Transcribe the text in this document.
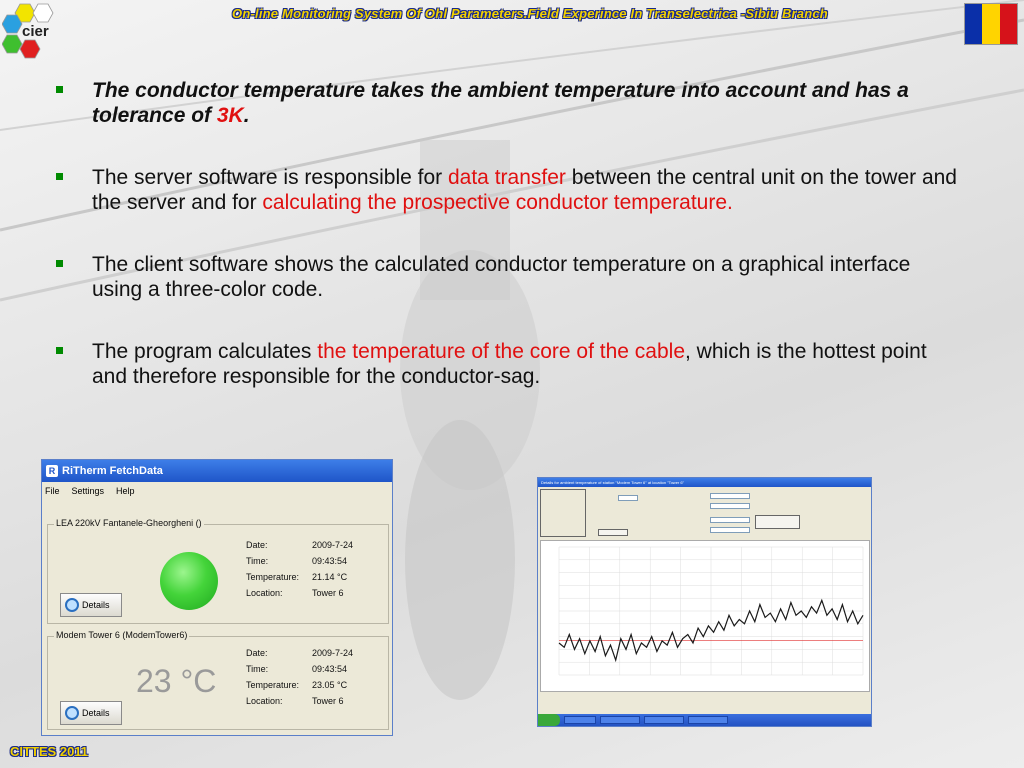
cier
On-line Monitoring System Of Ohl Parameters.Field Experince In Transelectrica -Sibiu Branch
The conductor temperature takes the ambient temperature into account and has a tolerance of 3K.
The server software is responsible for data transfer between the central unit on the tower and the server and for calculating the prospective conductor temperature.
The client software shows the calculated conductor temperature on a graphical interface using a three-color code.
The program calculates the temperature of the core of the cable, which is the hottest point and therefore responsible for the conductor-sag.
R RiTherm FetchData
File Settings Help
LEA 220kV Fantanele-Gheorgheni ()
Date:	2009-7-24
Time:	09:43:54
Temperature:	21.14 °C
Location:	Tower 6
Details
Modem Tower 6 (ModemTower6)
23 °C
Date:	2009-7-24
Time:	09:43:54
Temperature:	23.05 °C
Location:	Tower 6
Details
Details for ambient temperature of station "Modem Tower 6" at location "Tower 6"
CITTES 2011
